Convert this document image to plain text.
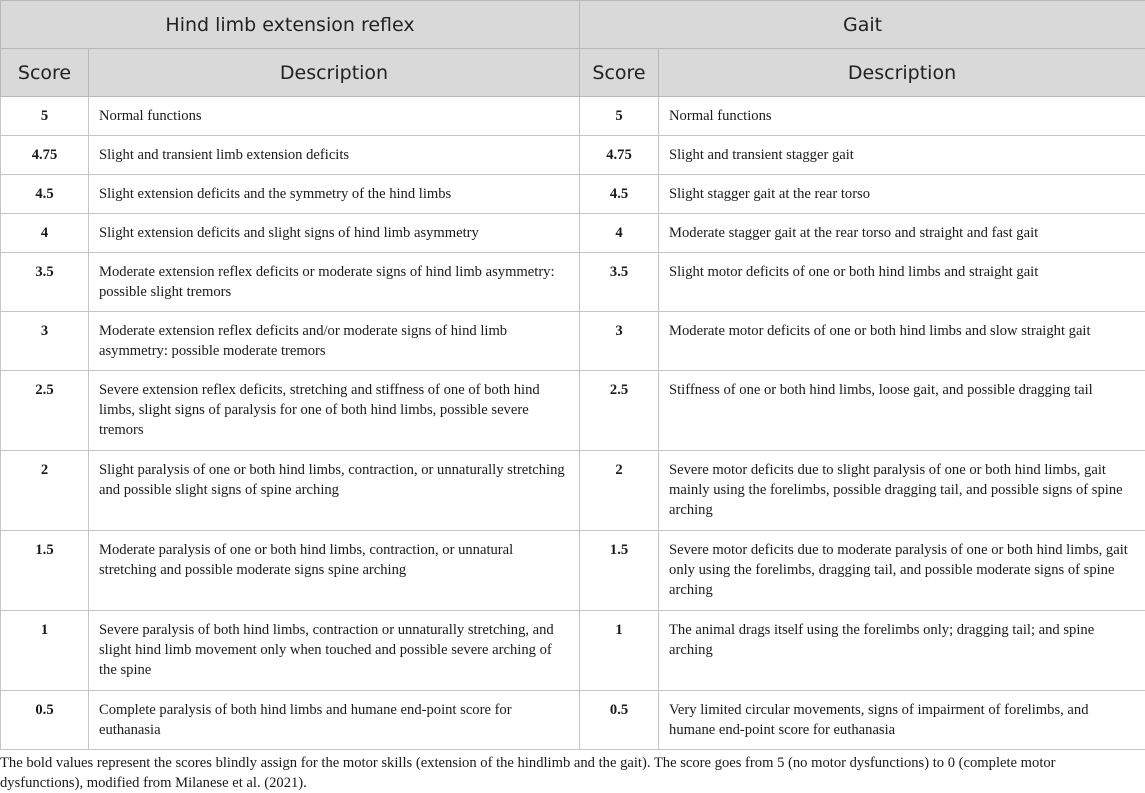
Hind limb extension reflex		Gait	
Score	Description	Score	Description
5	Normal functions	5	Normal functions
4.75	Slight and transient limb extension deficits	4.75	Slight and transient stagger gait
4.5	Slight extension deficits and the symmetry of the hind limbs	4.5	Slight stagger gait at the rear torso
4	Slight extension deficits and slight signs of hind limb asymmetry	4	Moderate stagger gait at the rear torso and straight and fast gait
3.5	Moderate extension reflex deficits or moderate signs of hind limb asymmetry: possible slight tremors	3.5	Slight motor deficits of one or both hind limbs and straight gait
3	Moderate extension reflex deficits and/or moderate signs of hind limb asymmetry: possible moderate tremors	3	Moderate motor deficits of one or both hind limbs and slow straight gait
2.5	Severe extension reflex deficits, stretching and stiffness of one of both hind limbs, slight signs of paralysis for one of both hind limbs, possible severe tremors	2.5	Stiffness of one or both hind limbs, loose gait, and possible dragging tail
2	Slight paralysis of one or both hind limbs, contraction, or unnaturally stretching and possible slight signs of spine arching	2	Severe motor deficits due to slight paralysis of one or both hind limbs, gait mainly using the forelimbs, possible dragging tail, and possible signs of spine arching
1.5	Moderate paralysis of one or both hind limbs, contraction, or unnatural stretching and possible moderate signs spine arching	1.5	Severe motor deficits due to moderate paralysis of one or both hind limbs, gait only using the forelimbs, dragging tail, and possible moderate signs of spine arching
1	Severe paralysis of both hind limbs, contraction or unnaturally stretching, and slight hind limb movement only when touched and possible severe arching of the spine	1	The animal drags itself using the forelimbs only; dragging tail; and spine arching
0.5	Complete paralysis of both hind limbs and humane end-point score for euthanasia	0.5	Very limited circular movements, signs of impairment of forelimbs, and humane end-point score for euthanasia

The bold values represent the scores blindly assign for the motor skills (extension of the hindlimb and the gait). The score goes from 5 (no motor dysfunctions) to 0 (complete motor dysfunctions), modified from Milanese et al. (2021).
